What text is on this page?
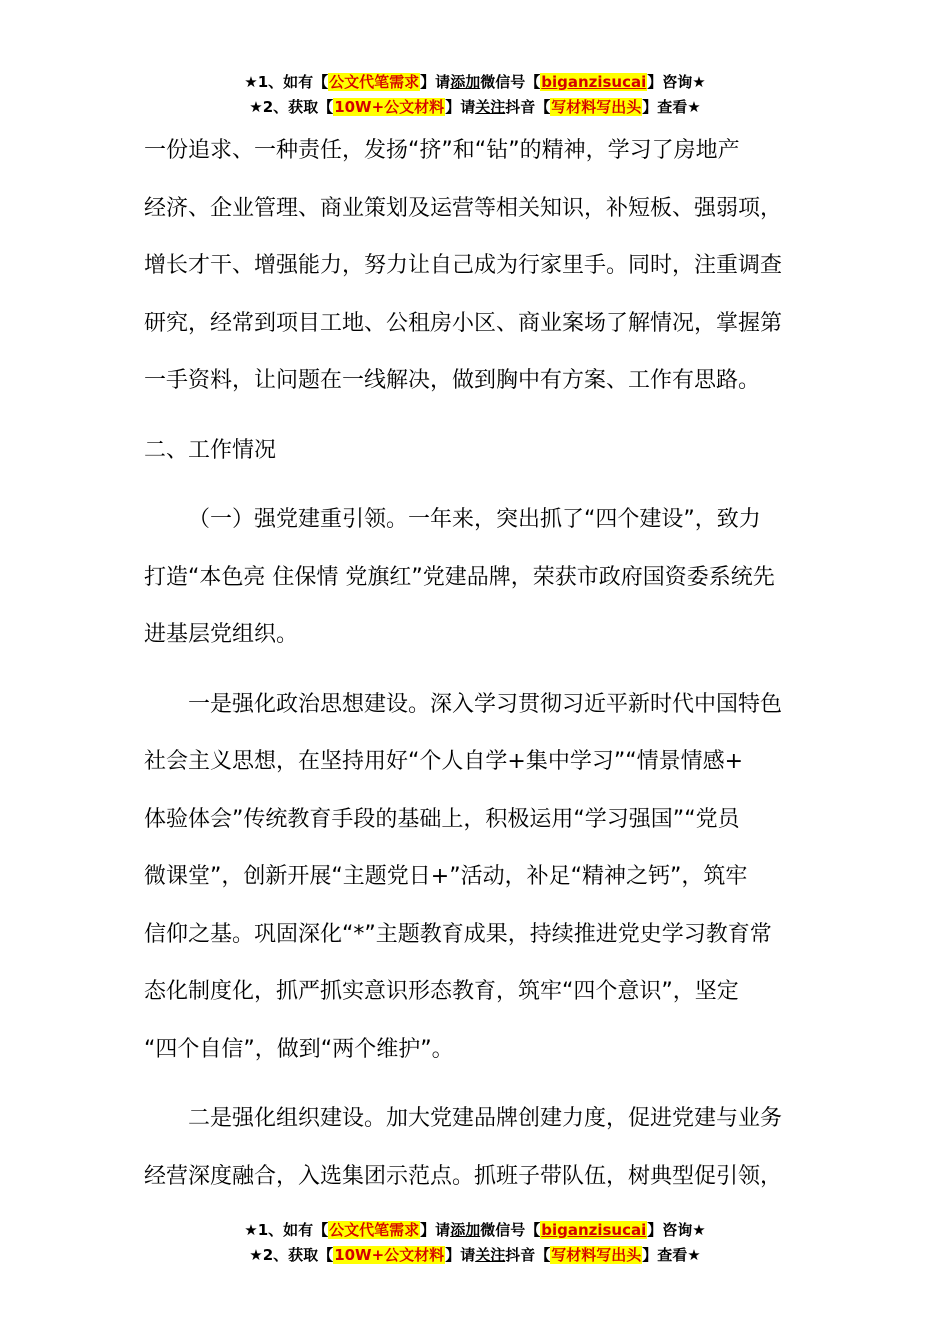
★1、如有【公文代笔需求】请添加微信号【biganzisucai】咨询★
★2、获取【10W+公文材料】请关注抖音【写材料写出头】查看★

一份追求、一种责任，发扬“挤”和“钻”的精神，学习了房地产
经济、企业管理、商业策划及运营等相关知识，补短板、强弱项，
增长才干、增强能力，努力让自己成为行家里手。同时，注重调查
研究，经常到项目工地、公租房小区、商业案场了解情况，掌握第
一手资料，让问题在一线解决，做到胸中有方案、工作有思路。

二、工作情况

（一）强党建重引领。一年来，突出抓了“四个建设”，致力
打造“本色亮 住保情 党旗红”党建品牌，荣获市政府国资委系统先
进基层党组织。

一是强化政治思想建设。深入学习贯彻习近平新时代中国特色
社会主义思想，在坚持用好“个人自学+集中学习”“情景情感+
体验体会”传统教育手段的基础上，积极运用“学习强国”“党员
微课堂”，创新开展“主题党日+”活动，补足“精神之钙”，筑牢
信仰之基。巩固深化“*”主题教育成果，持续推进党史学习教育常
态化制度化，抓严抓实意识形态教育，筑牢“四个意识”，坚定
“四个自信”，做到“两个维护”。

二是强化组织建设。加大党建品牌创建力度，促进党建与业务
经营深度融合，入选集团示范点。抓班子带队伍，树典型促引领，

★1、如有【公文代笔需求】请添加微信号【biganzisucai】咨询★
★2、获取【10W+公文材料】请关注抖音【写材料写出头】查看★
